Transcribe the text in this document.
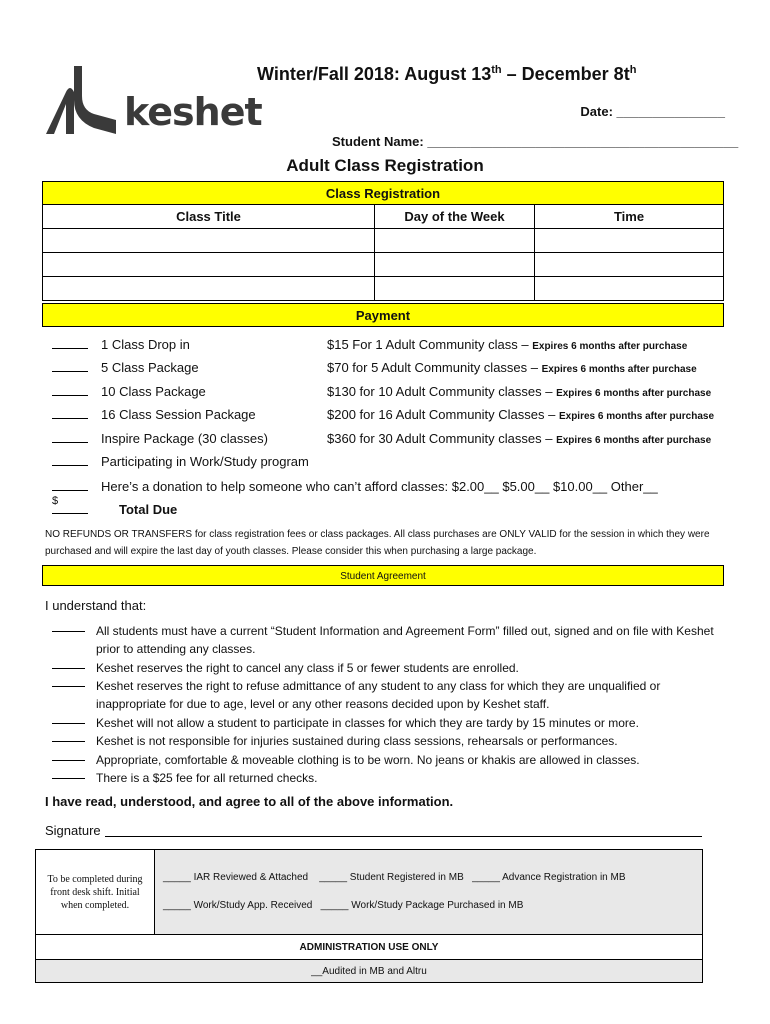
keshet
Winter/Fall 2018: August 13th – December $8t^h$
Date: _______________
Student Name: ___________________________________________
Adult Class Registration
Class Registration		
Class Title	Day of the Week	Time

Payment
1 Class Drop in	$15 For 1 Adult Community class – Expires 6 months after purchase
5 Class Package	$70 for 5 Adult Community classes – Expires 6 months after purchase
10 Class Package	$130 for 10 Adult Community classes – Expires 6 months after purchase
16 Class Session Package	$200 for 16 Adult Community Classes – Expires 6 months after purchase
Inspire Package (30 classes)	$360 for 30 Adult Community classes – Expires 6 months after purchase
Participating in Work/Study program
Here’s a donation to help someone who can’t afford classes: $2.00__ $5.00__ $10.00__ Other__
$
Total Due
NO REFUNDS OR TRANSFERS for class registration fees or class packages. All class purchases are ONLY VALID for the session in which they were purchased and will expire the last day of youth classes. Please consider this when purchasing a large package.
Student Agreement
I understand that:
All students must have a current “Student Information and Agreement Form” filled out, signed and on file with Keshet prior to attending any classes.
Keshet reserves the right to cancel any class if 5 or fewer students are enrolled.
Keshet reserves the right to refuse admittance of any student to any class for which they are unqualified or inappropriate for due to age, level or any other reasons decided upon by Keshet staff.
Keshet will not allow a student to participate in classes for which they are tardy by 15 minutes or more.
Keshet is not responsible for injuries sustained during class sessions, rehearsals or performances.
Appropriate, comfortable & moveable clothing is to be worn. No jeans or khakis are allowed in classes.
There is a $25 fee for all returned checks.
I have read, understood, and agree to all of the above information.
Signature
To be completed during front desk shift. Initial when completed.	
_____ IAR Reviewed & Attached    _____ Student Registered in MB   _____ Advance Registration in MB
_____ Work/Study App. Received   _____ Work/Study Package Purchased in MB

ADMINISTRATION USE ONLY
__Audited in MB and Altru
